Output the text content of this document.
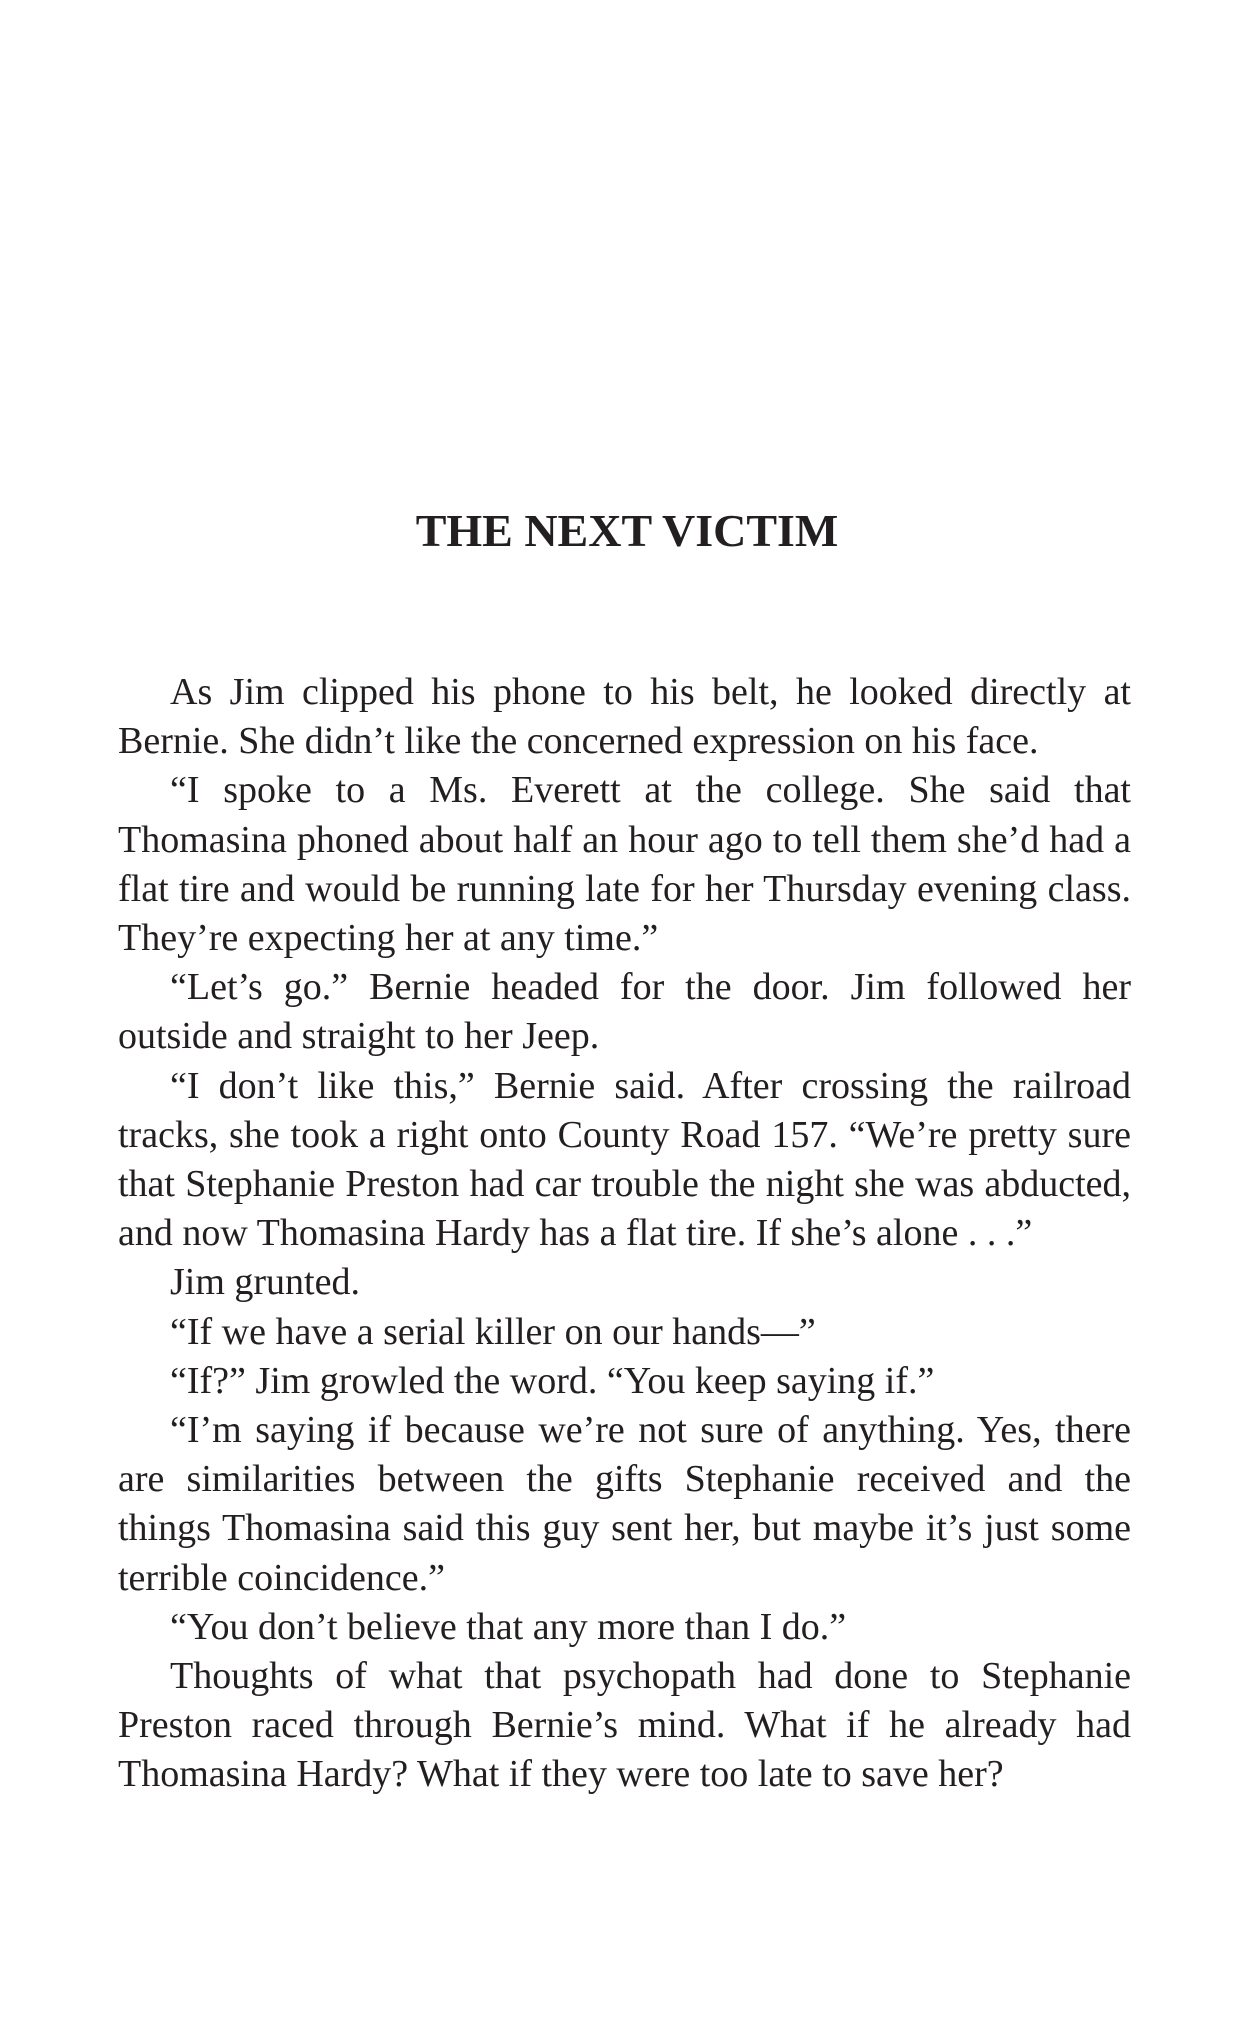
THE NEXT VICTIM

As Jim clipped his phone to his belt, he looked directly at Bernie. She didn’t like the concerned expression on his face.

“I spoke to a Ms. Everett at the college. She said that Thomasina phoned about half an hour ago to tell them she’d had a flat tire and would be running late for her Thursday evening class. They’re expecting her at any time.”

“Let’s go.” Bernie headed for the door. Jim followed her outside and straight to her Jeep.

“I don’t like this,” Bernie said. After crossing the railroad tracks, she took a right onto County Road 157. “We’re pretty sure that Stephanie Preston had car trouble the night she was abducted, and now Thomasina Hardy has a flat tire. If she’s alone . . .”

Jim grunted.

“If we have a serial killer on our hands—”

“If?” Jim growled the word. “You keep saying if.”

“I’m saying if because we’re not sure of anything. Yes, there are similarities between the gifts Stephanie received and the things Thomasina said this guy sent her, but maybe it’s just some terrible coincidence.”

“You don’t believe that any more than I do.”

Thoughts of what that psychopath had done to Stephanie Preston raced through Bernie’s mind. What if he already had Thomasina Hardy? What if they were too late to save her?
